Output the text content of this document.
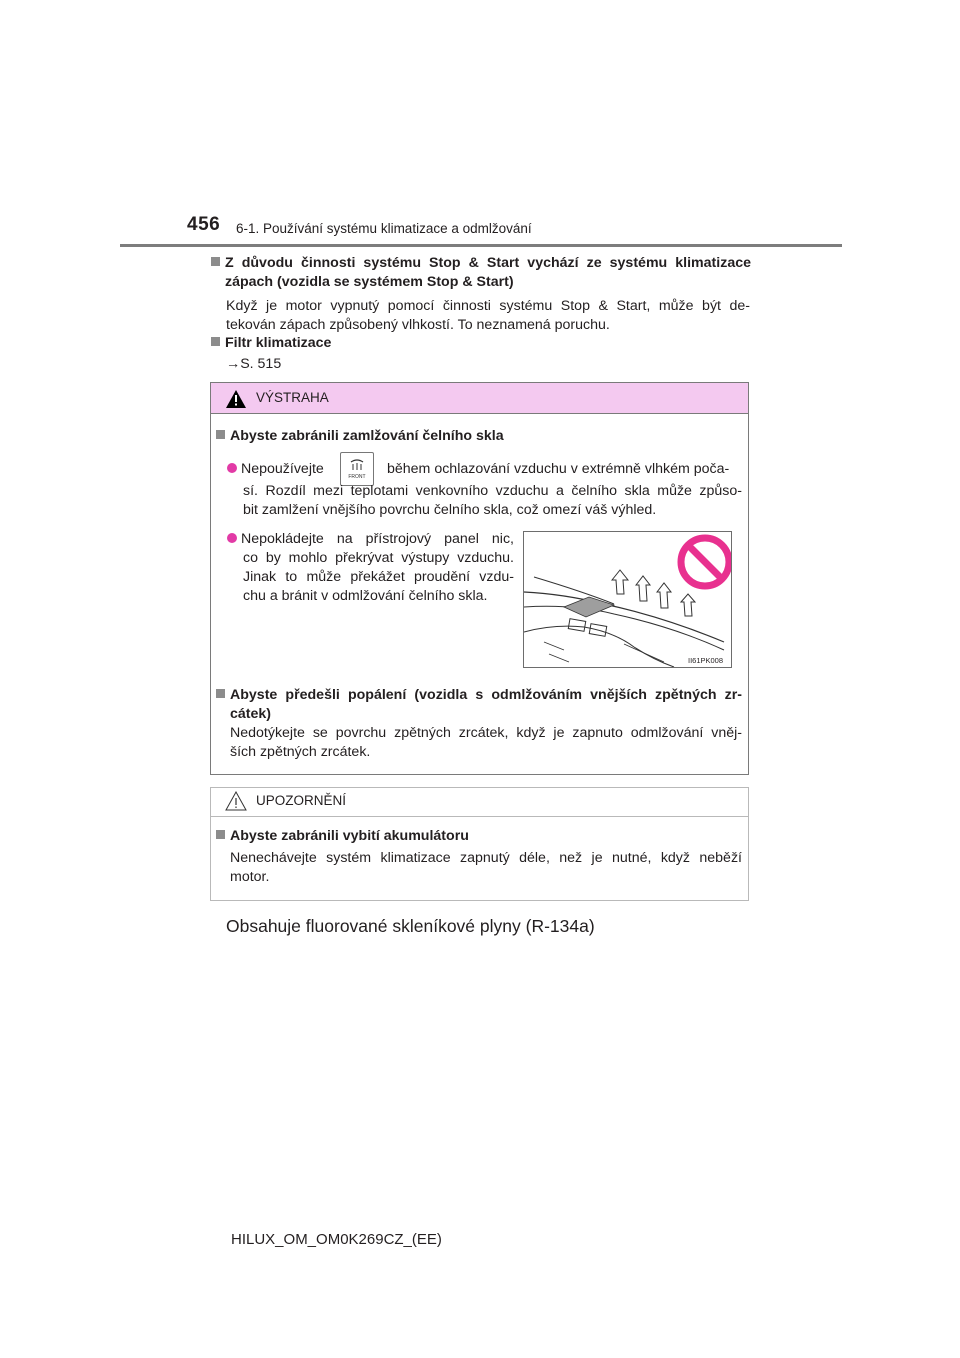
456 6-1. Používání systému klimatizace a odmlžování
Z důvodu činnosti systému Stop & Start vychází ze systému klimatizace
zápach (vozidla se systémem Stop & Start)
Když je motor vypnutý pomocí činnosti systému Stop & Start, může být de-
tekován zápach způsobený vlhkostí. To neznamená poruchu.
Filtr klimatizace
→S. 515
VÝSTRAHA
Abyste zabránili zamlžování čelního skla
Nepoužívejte	FRONT během ochlazování vzduchu v extrémně vlhkém poča-
sí. Rozdíl mezi teplotami venkovního vzduchu a čelního skla může způso-
bit zamlžení vnějšího povrchu čelního skla, což omezí váš výhled.
Nepokládejte na přístrojový panel nic,
co by mohlo překrývat výstupy vzduchu.
Jinak to může překážet proudění vzdu-
chu a bránit v odmlžování čelního skla.
II61PK008
Abyste předešli popálení (vozidla s odmlžováním vnějších zpětných zr-
cátek)
Nedotýkejte se povrchu zpětných zrcátek, když je zapnuto odmlžování vněj-
ších zpětných zrcátek.
UPOZORNĚNÍ
Abyste zabránili vybití akumulátoru
Nenechávejte systém klimatizace zapnutý déle, než je nutné, když neběží
motor.
Obsahuje fluorované skleníkové plyny (R-134a)
HILUX_OM_OM0K269CZ_(EE)
